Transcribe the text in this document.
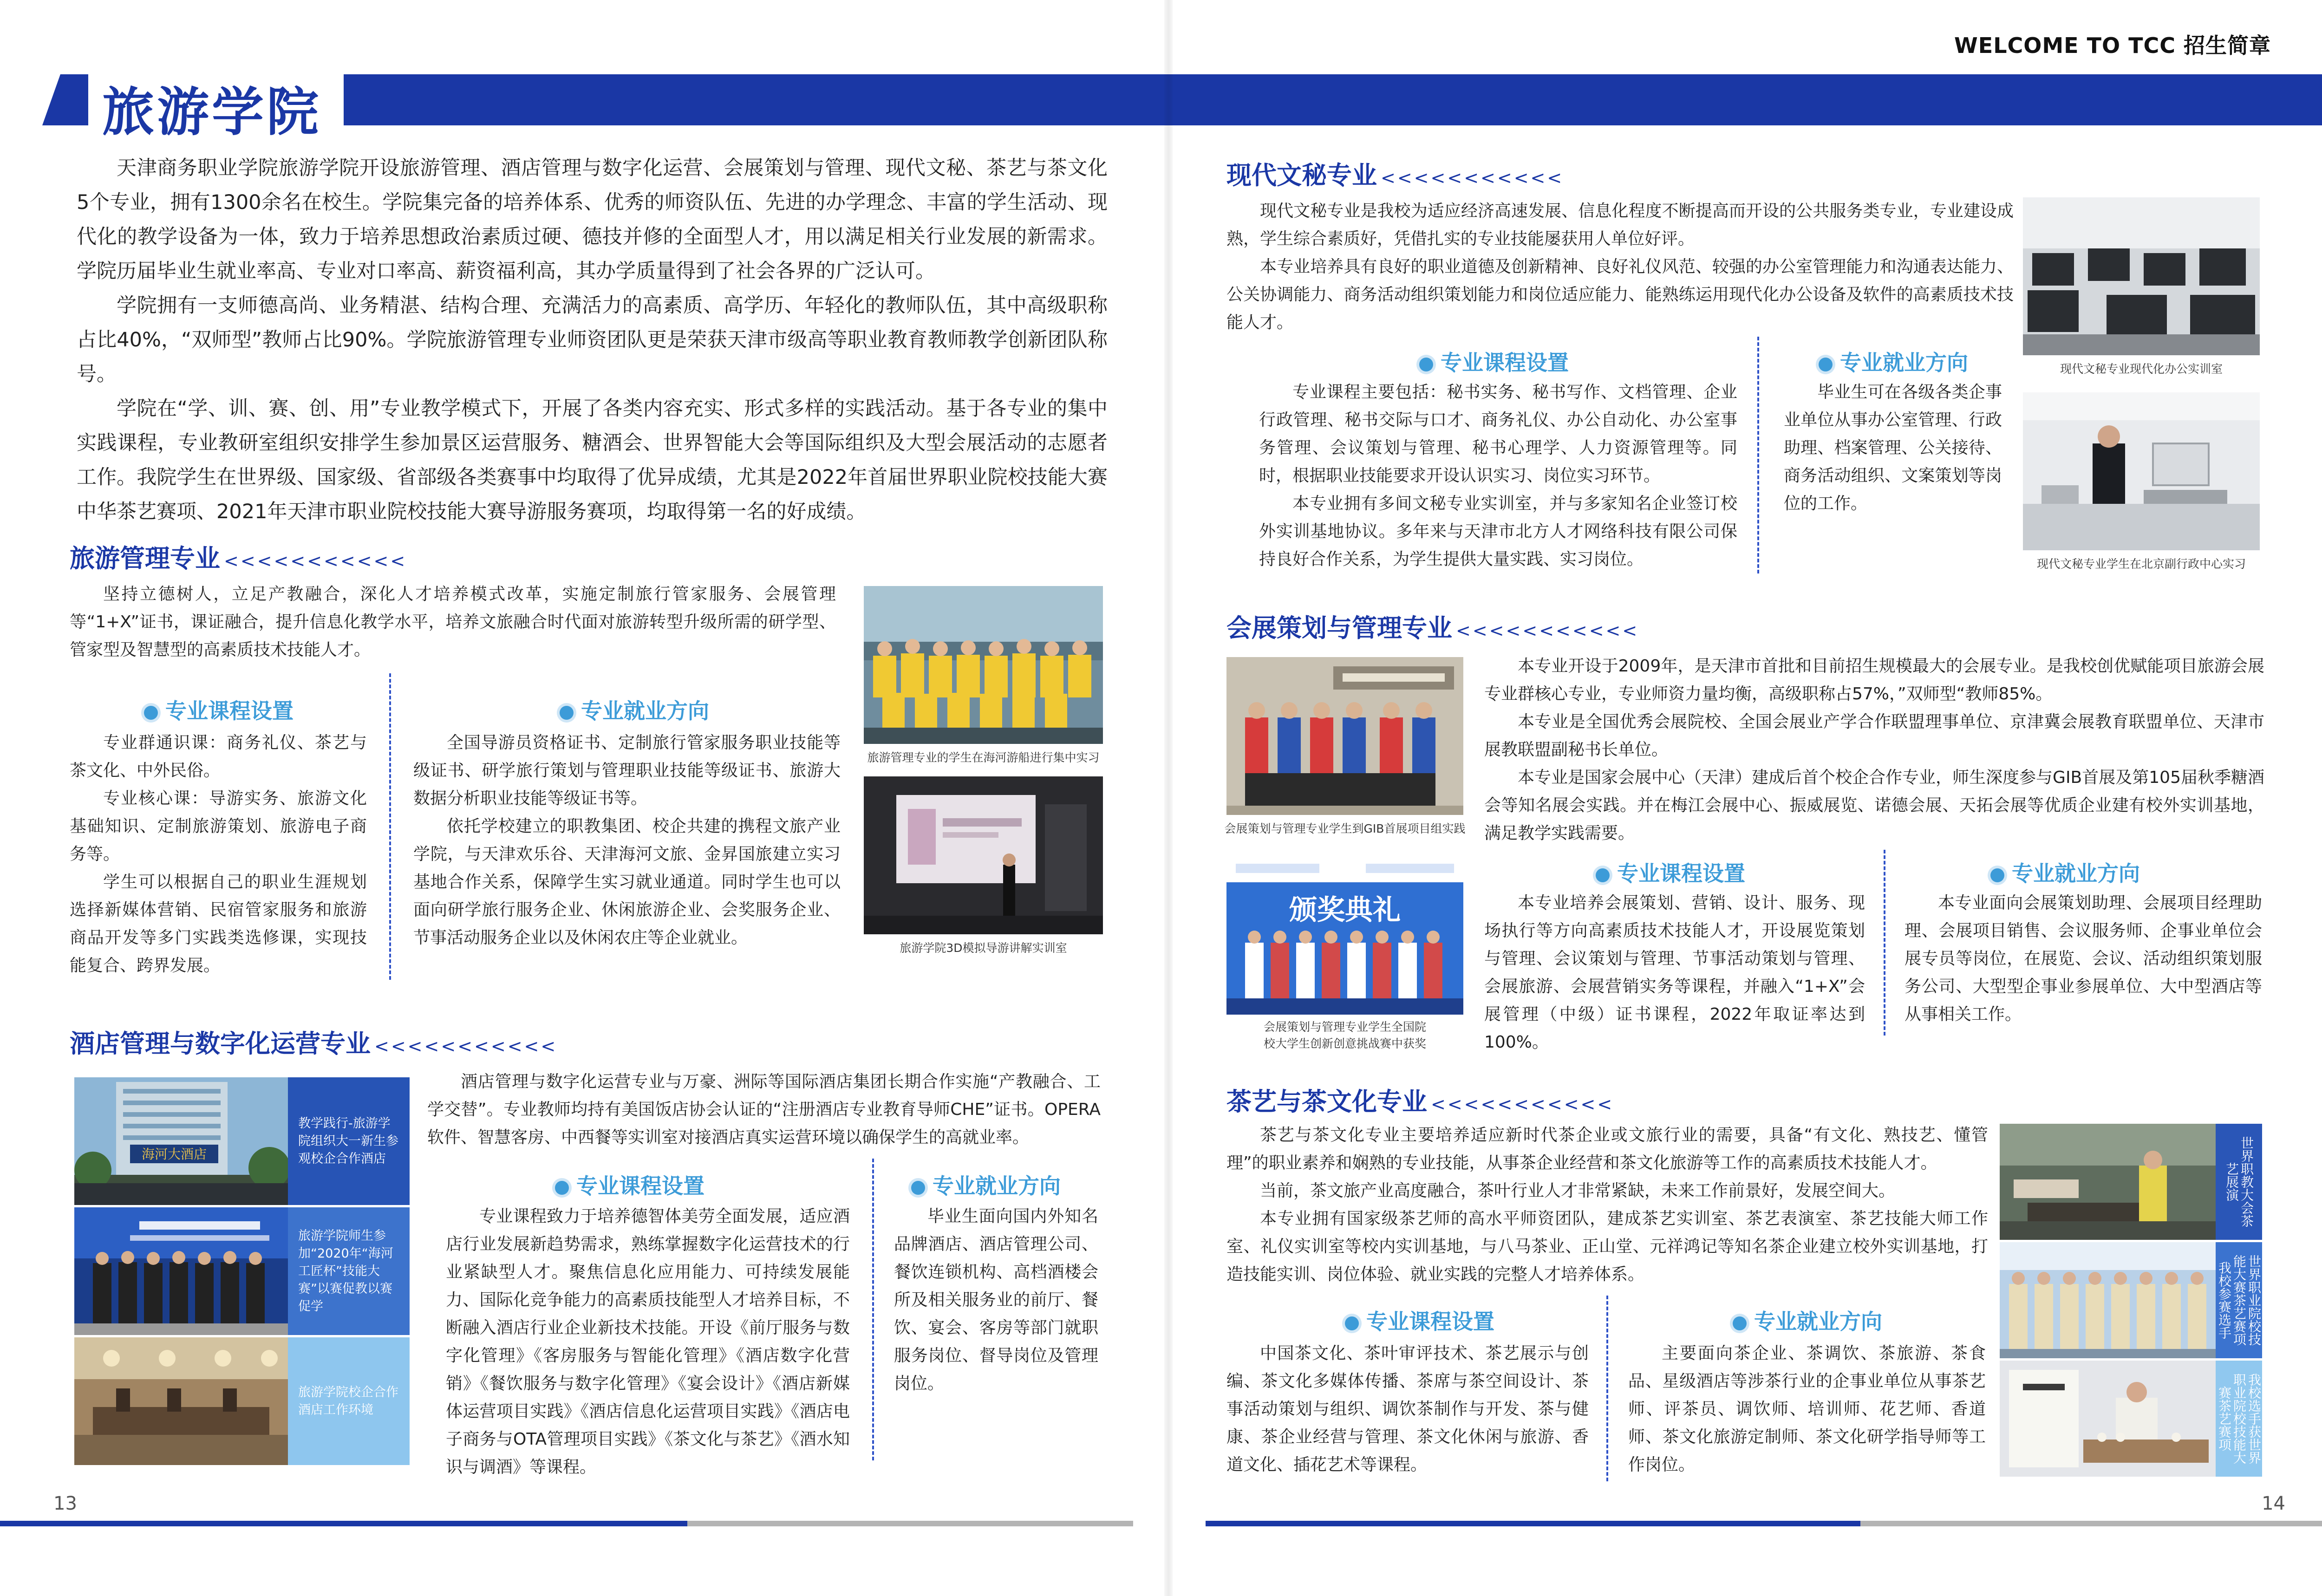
旅游学院
WELCOME TO TCC 招生简章

天津商务职业学院旅游学院开设旅游管理、酒店管理与数字化运营、会展策划与管理、现代文秘、茶艺与茶文化5个专业，拥有1300余名在校生。学院集完备的培养体系、优秀的师资队伍、先进的办学理念、丰富的学生活动、现代化的教学设备为一体，致力于培养思想政治素质过硬、德技并修的全面型人才，用以满足相关行业发展的新需求。学院历届毕业生就业率高、专业对口率高、薪资福利高，其办学质量得到了社会各界的广泛认可。

学院拥有一支师德高尚、业务精湛、结构合理、充满活力的高素质、高学历、年轻化的教师队伍，其中高级职称占比40%，“双师型”教师占比90%。学院旅游管理专业师资团队更是荣获天津市级高等职业教育教师教学创新团队称号。

学院在“学、训、赛、创、用”专业教学模式下，开展了各类内容充实、形式多样的实践活动。基于各专业的集中实践课程，专业教研室组织安排学生参加景区运营服务、糖酒会、世界智能大会等国际组织及大型会展活动的志愿者工作。我院学生在世界级、国家级、省部级各类赛事中均取得了优异成绩，尤其是2022年首届世界职业院校技能大赛中华茶艺赛项、2021年天津市职业院校技能大赛导游服务赛项，均取得第一名的好成绩。

旅游管理专业 <<<<<<<<<<<

坚持立德树人，立足产教融合，深化人才培养模式改革，实施定制旅行管家服务、会展管理等“1+X”证书，课证融合，提升信息化教学水平，培养文旅融合时代面对旅游转型升级所需的研学型、管家型及智慧型的高素质技术技能人才。

专业课程设置	专业就业方向

专业群通识课：商务礼仪、茶艺与茶文化、中外民俗。

专业核心课：导游实务、旅游文化基础知识、定制旅游策划、旅游电子商务等。

学生可以根据自己的职业生涯规划选择新媒体营销、民宿管家服务和旅游商品开发等多门实践类选修课，实现技能复合、跨界发展。

全国导游员资格证书、定制旅行管家服务职业技能等级证书、研学旅行策划与管理职业技能等级证书、旅游大数据分析职业技能等级证书等。

依托学校建立的职教集团、校企共建的携程文旅产业学院，与天津欢乐谷、天津海河文旅、金昇国旅建立实习基地合作关系，保障学生实习就业通道。同时学生也可以面向研学旅行服务企业、休闲旅游企业、会奖服务企业、节事活动服务企业以及休闲农庄等企业就业。

旅游管理专业的学生在海河游船进行集中实习
旅游学院3D模拟导游讲解实训室
酒店管理与数字化运营专业 <<<<<<<<<<<
海河大酒店
教学践行-旅游学院组织大一新生参观校企合作酒店
旅游学院师生参加“2020年“海河工匠杯”技能大赛”以赛促教以赛促学
旅游学院校企合作酒店工作环境

酒店管理与数字化运营专业与万豪、洲际等国际酒店集团长期合作实施“产教融合、工学交替”。专业教师均持有美国饭店协会认证的“注册酒店专业教育导师CHE”证书。OPERA软件、智慧客房、中西餐等实训室对接酒店真实运营环境以确保学生的高就业率。

专业课程设置	专业就业方向

专业课程致力于培养德智体美劳全面发展，适应酒店行业发展新趋势需求，熟练掌握数字化运营技术的行业紧缺型人才。聚焦信息化应用能力、可持续发展能力、国际化竞争能力的高素质技能型人才培养目标，不断融入酒店行业企业新技术技能。开设《前厅服务与数字化管理》《客房服务与智能化管理》《酒店数字化营销》《餐饮服务与数字化管理》《宴会设计》《酒店新媒体运营项目实践》《酒店信息化运营项目实践》《酒店电子商务与OTA管理项目实践》《茶文化与茶艺》《酒水知识与调酒》等课程。

毕业生面向国内外知名品牌酒店、酒店管理公司、餐饮连锁机构、高档酒楼会所及相关服务业的前厅、餐饮、宴会、客房等部门就职服务岗位、督导岗位及管理岗位。

13
现代文秘专业 <<<<<<<<<<<

现代文秘专业是我校为适应经济高速发展、信息化程度不断提高而开设的公共服务类专业，专业建设成熟，学生综合素质好，凭借扎实的专业技能屡获用人单位好评。

本专业培养具有良好的职业道德及创新精神、良好礼仪风范、较强的办公室管理能力和沟通表达能力、公关协调能力、商务活动组织策划能力和岗位适应能力、能熟练运用现代化办公设备及软件的高素质技术技能人才。

专业课程设置	专业就业方向

专业课程主要包括：秘书实务、秘书写作、文档管理、企业行政管理、秘书交际与口才、商务礼仪、办公自动化、办公室事务管理、会议策划与管理、秘书心理学、人力资源管理等。同时，根据职业技能要求开设认识实习、岗位实习环节。

本专业拥有多间文秘专业实训室，并与多家知名企业签订校外实训基地协议。多年来与天津市北方人才网络科技有限公司保持良好合作关系，为学生提供大量实践、实习岗位。

毕业生可在各级各类企事业单位从事办公室管理、行政助理、档案管理、公关接待、商务活动组织、文案策划等岗位的工作。

现代文秘专业现代化办公实训室
现代文秘专业学生在北京副行政中心实习
会展策划与管理专业 <<<<<<<<<<<
会展策划与管理专业学生到GIB首展项目组实践
颁奖典礼
会展策划与管理专业学生全国院
校大学生创新创意挑战赛中获奖

本专业开设于2009年，是天津市首批和目前招生规模最大的会展专业。是我校创优赋能项目旅游会展专业群核心专业，专业师资力量均衡，高级职称占57%，”双师型“教师85%。

本专业是全国优秀会展院校、全国会展业产学合作联盟理事单位、京津冀会展教育联盟单位、天津市展教联盟副秘书长单位。

本专业是国家会展中心（天津）建成后首个校企合作专业，师生深度参与GIB首展及第105届秋季糖酒会等知名展会实践。并在梅江会展中心、振威展览、诺德会展、天拓会展等优质企业建有校外实训基地，满足教学实践需要。

专业课程设置	专业就业方向

本专业培养会展策划、营销、设计、服务、现场执行等方向高素质技术技能人才，开设展览策划与管理、会议策划与管理、节事活动策划与管理、会展旅游、会展营销实务等课程，并融入“1+X”会展管理（中级）证书课程，2022年取证率达到100%。

本专业面向会展策划助理、会展项目经理助理、会展项目销售、会议服务师、企事业单位会展专员等岗位，在展览、会议、活动组织策划服务公司、大型型企事业参展单位、大中型酒店等从事相关工作。

茶艺与茶文化专业 <<<<<<<<<<<

茶艺与茶文化专业主要培养适应新时代茶企业或文旅行业的需要，具备“有文化、熟技艺、懂管理”的职业素养和娴熟的专业技能，从事茶企业经营和茶文化旅游等工作的高素质技术技能人才。

当前，茶文旅产业高度融合，茶叶行业人才非常紧缺，未来工作前景好，发展空间大。

本专业拥有国家级茶艺师的高水平师资团队，建成茶艺实训室、茶艺表演室、茶艺技能大师工作室、礼仪实训室等校内实训基地，与八马茶业、正山堂、元祥鸿记等知名茶企业建立校外实训基地，打造技能实训、岗位体验、就业实践的完整人才培养体系。

专业课程设置	专业就业方向

中国茶文化、茶叶审评技术、茶艺展示与创编、茶文化多媒体传播、茶席与茶空间设计、茶事活动策划与组织、调饮茶制作与开发、茶与健康、茶企业经营与管理、茶文化休闲与旅游、香道文化、插花艺术等课程。

主要面向茶企业、茶调饮、茶旅游、茶食品、星级酒店等涉茶行业的企事业单位从事茶艺师、评茶员、调饮师、培训师、花艺师、香道师、茶文化旅游定制师、茶文化研学指导师等工作岗位。

世界职教大会茶艺展演
世界职业院校技能大赛茶艺赛项我校参赛选手
我校选手获世界职业院校技能大赛茶艺赛项
14
